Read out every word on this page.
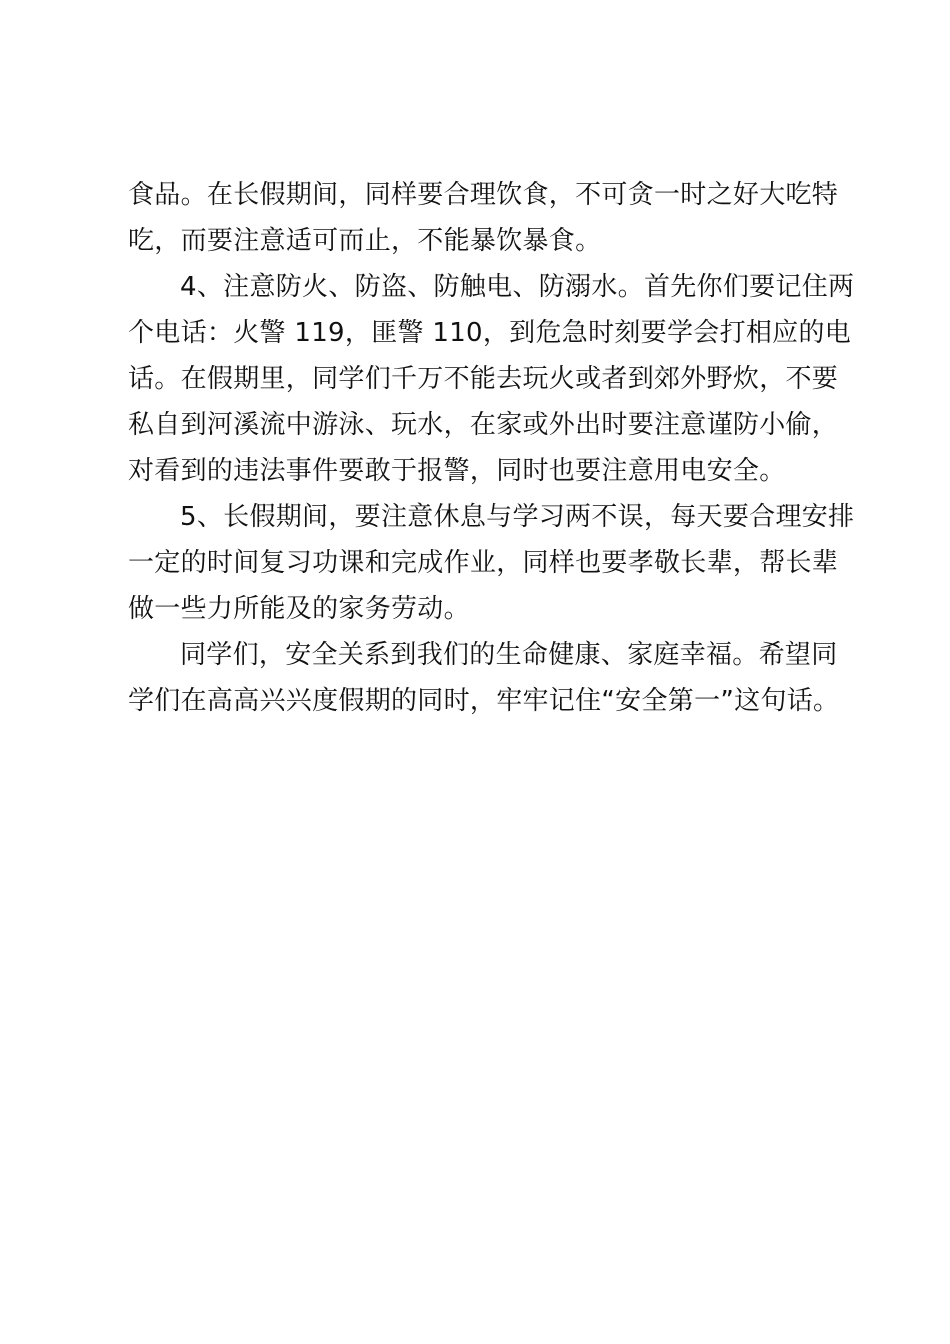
食品。在长假期间，同样要合理饮食，不可贪一时之好大吃特
吃，而要注意适可而止，不能暴饮暴食。
4、注意防火、防盗、防触电、防溺水。首先你们要记住两
个电话：火警 119，匪警 110，到危急时刻要学会打相应的电
话。在假期里，同学们千万不能去玩火或者到郊外野炊，不要
私自到河溪流中游泳、玩水，在家或外出时要注意谨防小偷，
对看到的违法事件要敢于报警，同时也要注意用电安全。
5、长假期间，要注意休息与学习两不误，每天要合理安排
一定的时间复习功课和完成作业，同样也要孝敬长辈，帮长辈
做一些力所能及的家务劳动。
同学们，安全关系到我们的生命健康、家庭幸福。希望同
学们在高高兴兴度假期的同时，牢牢记住“安全第一”这句话。
